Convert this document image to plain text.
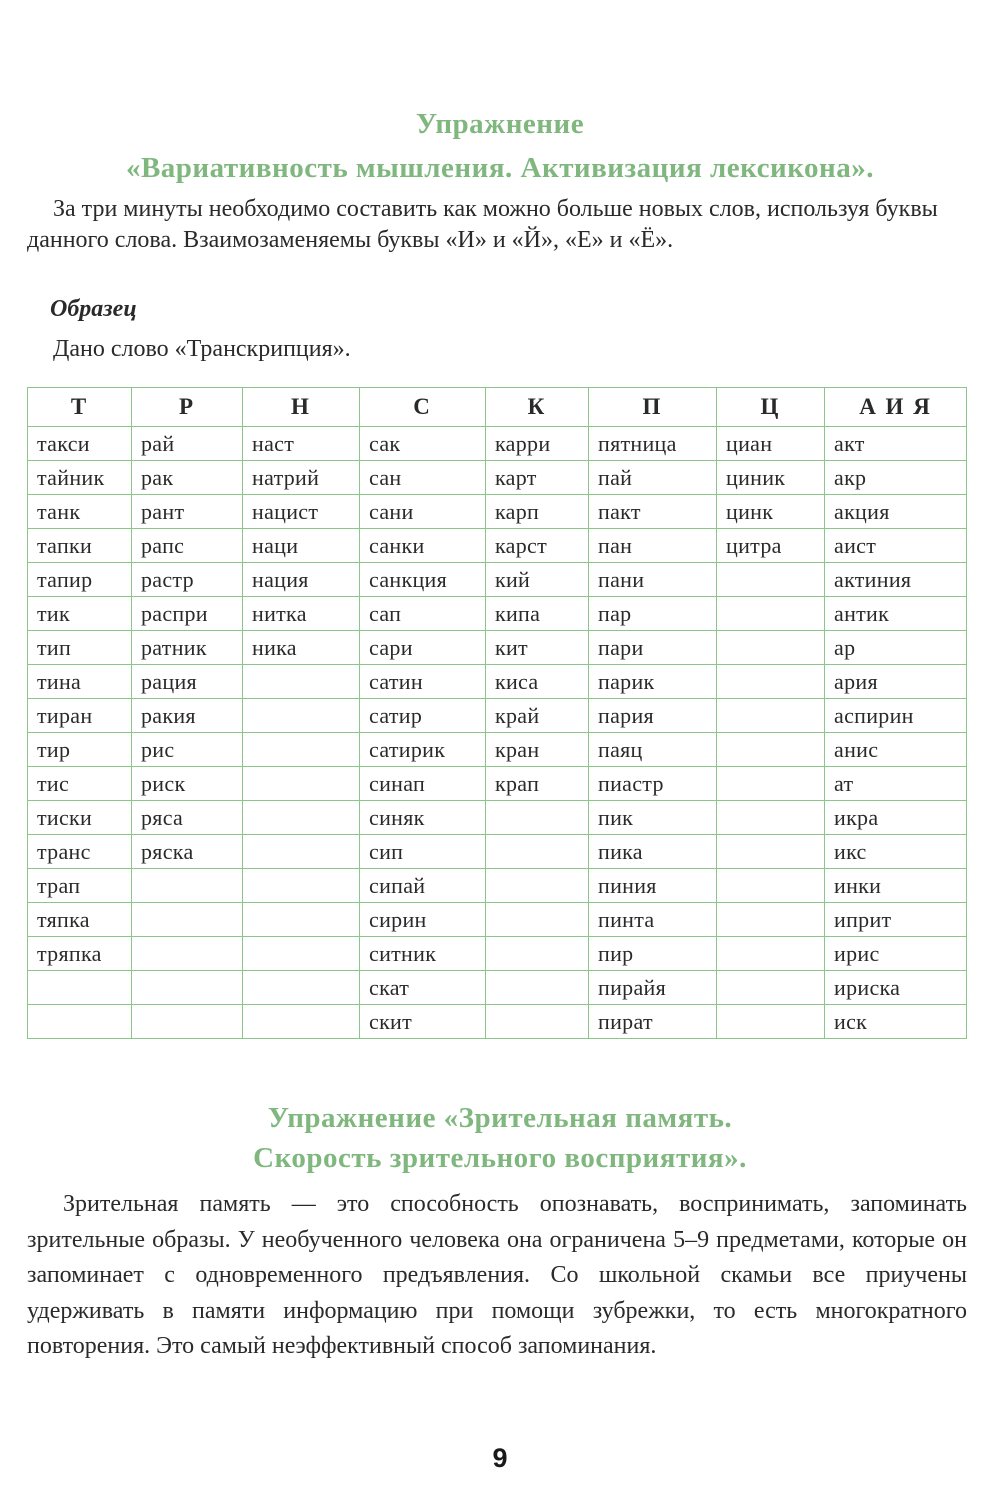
Упражнение
«Вариативность мышления. Активизация лексикона».
За три минуты необходимо составить как можно больше новых слов, используя буквы данного слова. Взаимозаменяемы буквы «И» и «Й», «Е» и «Ё».
Образец
Дано слово «Транскрипция».
Т	Р	Н	С	К	П	Ц	А И Я
такси	рай	наст	сак	карри	пятница	циан	акт
тайник	рак	натрий	сан	карт	пай	циник	акр
танк	рант	нацист	сани	карп	пакт	цинк	акция
тапки	рапс	наци	санки	карст	пан	цитра	аист
тапир	растр	нация	санкция	кий	пани		актиния
тик	распри	нитка	сап	кипа	пар		антик
тип	ратник	ника	сари	кит	пари		ар
тина	рация		сатин	киса	парик		ария
тиран	ракия		сатир	край	пария		аспирин
тир	рис		сатирик	кран	паяц		анис
тис	риск		синап	крап	пиастр		ат
тиски	ряса		синяк		пик		икра
транс	ряска		сип		пика		икс
трап			сипай		пиния		инки
тяпка			сирин		пинта		иприт
тряпка			ситник		пир		ирис
			скат		пирайя		ириска
			скит		пират		иск
Упражнение «Зрительная память.
Скорость зрительного восприятия».
Зрительная память — это способность опознавать, воспринимать, запоминать зрительные образы. У необученного человека она ограничена 5–9 предметами, которые он запоминает с одновременного предъявления. Со школьной скамьи все приучены удерживать в памяти информацию при помощи зубрежки, то есть многократного повторения. Это самый неэффективный способ запоминания.
9
